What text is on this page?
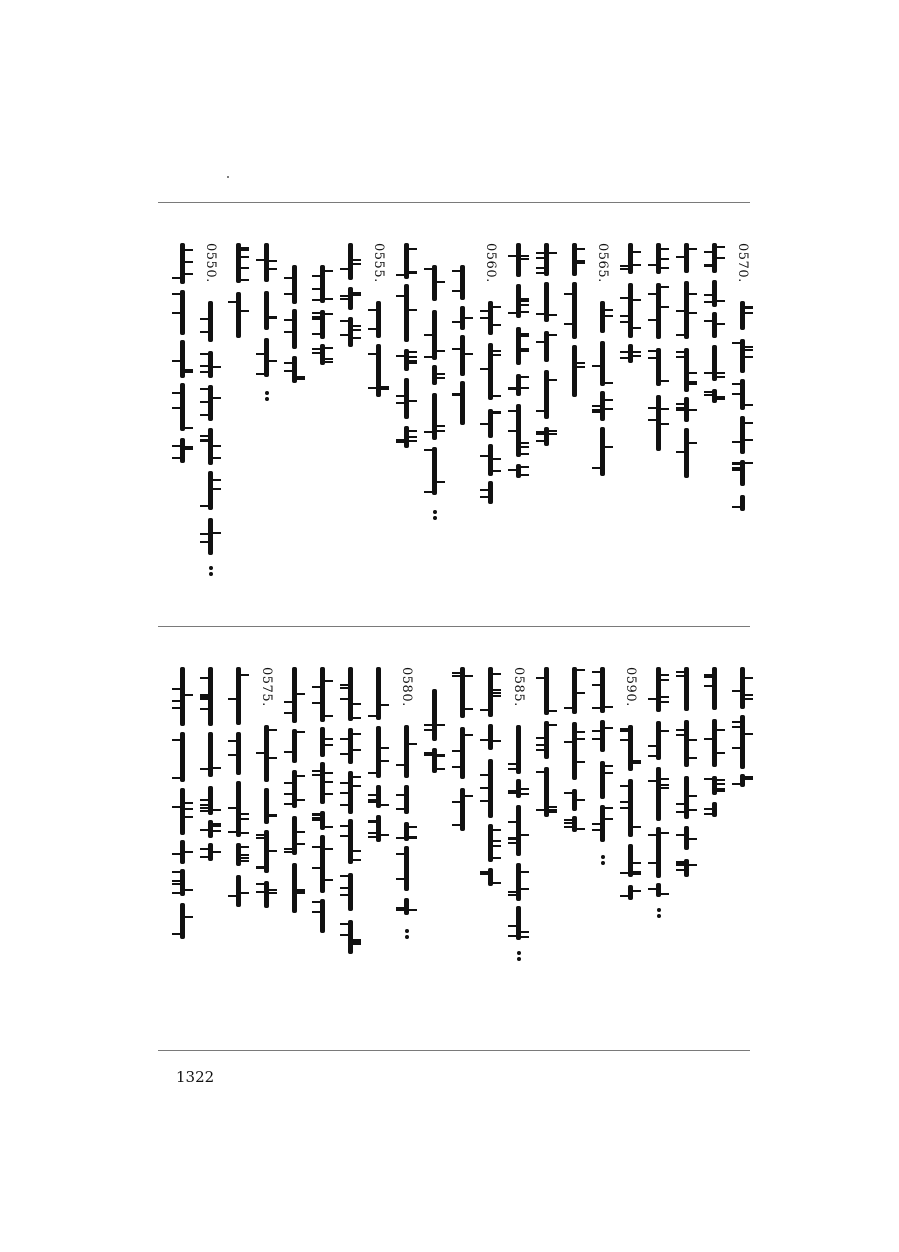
0570.
0565.
0560.
0555.
0550.
0590.
0585.
0580.
0575.
1322
